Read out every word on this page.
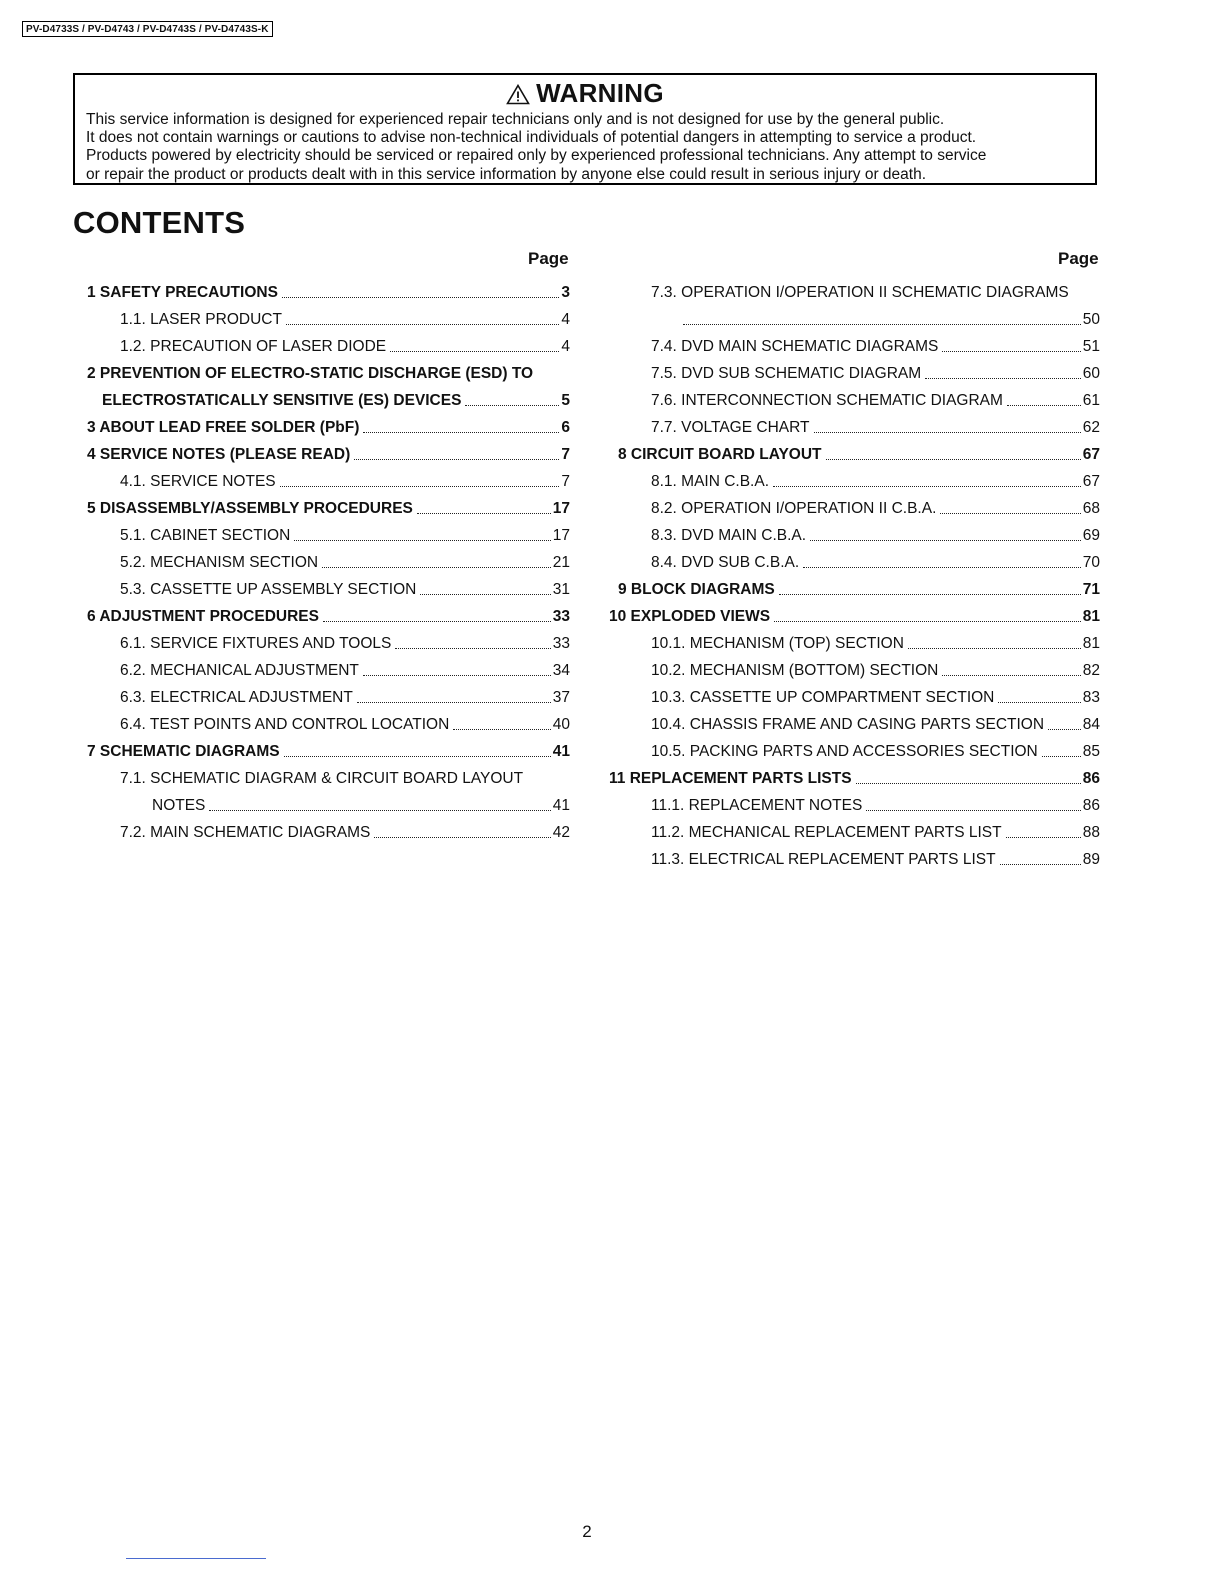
PV-D4733S / PV-D4743 / PV-D4743S / PV-D4743S-K
WARNING
This service information is designed for experienced repair technicians only and is not designed for use by the general public.
It does not contain warnings or cautions to advise non-technical individuals of potential dangers in attempting to service a product.
Products powered by electricity should be serviced or repaired only by experienced professional technicians. Any attempt to service
or repair the product or products dealt with in this service information by anyone else could result in serious injury or death.
CONTENTS
Page	Page
1 SAFETY PRECAUTIONS	3
1.1. LASER PRODUCT	4
1.2. PRECAUTION OF LASER DIODE	4
2 PREVENTION OF ELECTRO-STATIC DISCHARGE (ESD) TO
ELECTROSTATICALLY SENSITIVE (ES) DEVICES	5
3 ABOUT LEAD FREE SOLDER (PbF)	6
4 SERVICE NOTES (PLEASE READ)	7
4.1. SERVICE NOTES	7
5 DISASSEMBLY/ASSEMBLY PROCEDURES	17
5.1. CABINET SECTION	17
5.2. MECHANISM SECTION	21
5.3. CASSETTE UP ASSEMBLY SECTION	31
6 ADJUSTMENT PROCEDURES	33
6.1. SERVICE FIXTURES AND TOOLS	33
6.2. MECHANICAL ADJUSTMENT	34
6.3. ELECTRICAL ADJUSTMENT	37
6.4. TEST POINTS AND CONTROL LOCATION	40
7 SCHEMATIC DIAGRAMS	41
7.1. SCHEMATIC DIAGRAM & CIRCUIT BOARD LAYOUT
NOTES	41
7.2. MAIN SCHEMATIC DIAGRAMS	42
7.3. OPERATION I/OPERATION II SCHEMATIC DIAGRAMS
50
7.4. DVD MAIN SCHEMATIC DIAGRAMS	51
7.5. DVD SUB SCHEMATIC DIAGRAM	60
7.6. INTERCONNECTION SCHEMATIC DIAGRAM	61
7.7. VOLTAGE CHART	62
8 CIRCUIT BOARD LAYOUT	67
8.1. MAIN C.B.A.	67
8.2. OPERATION I/OPERATION II C.B.A.	68
8.3. DVD MAIN C.B.A.	69
8.4. DVD SUB C.B.A.	70
9 BLOCK DIAGRAMS	71
10 EXPLODED VIEWS	81
10.1. MECHANISM (TOP) SECTION	81
10.2. MECHANISM (BOTTOM) SECTION	82
10.3. CASSETTE UP COMPARTMENT SECTION	83
10.4. CHASSIS FRAME AND CASING PARTS SECTION 84
10.5. PACKING PARTS AND ACCESSORIES SECTION	85
11 REPLACEMENT PARTS LISTS	86
11.1. REPLACEMENT NOTES	86
11.2. MECHANICAL REPLACEMENT PARTS LIST	88
11.3. ELECTRICAL REPLACEMENT PARTS LIST	89
2
